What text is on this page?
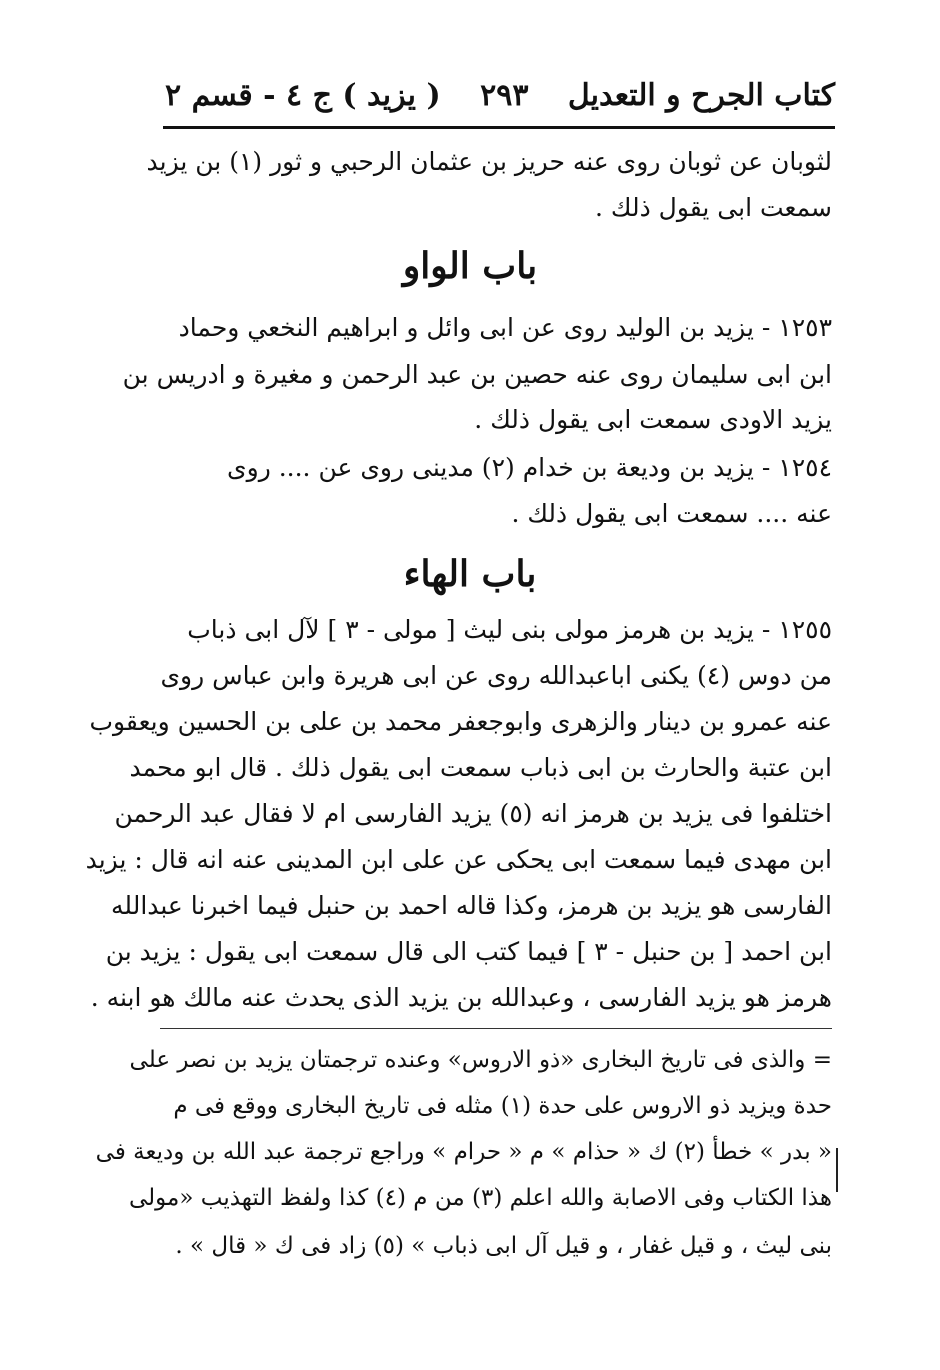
كتاب الجرح و التعديل
٢٩٣
( يزيد ) ج ٤ - قسم ٢
لثوبان عن ثوبان روى عنه حريز بن عثمان الرحبي و ثور (١) بن يزيد
سمعت ابى يقول ذلك .
باب الواو
١٢٥٣ - يزيد بن الوليد روى عن ابى وائل و ابراهيم النخعي وحماد
ابن ابى سليمان روى عنه حصين بن عبد الرحمن و مغيرة و ادريس بن
يزيد الاودى سمعت ابى يقول ذلك .
١٢٥٤ - يزيد بن وديعة بن خدام (٢) مدينى روى عن .... روى
عنه .... سمعت ابى يقول ذلك .
باب الهاء
١٢٥٥ - يزيد بن هرمز مولى بنى ليث [ مولى - ٣ ] لآل ابى ذباب
من دوس (٤) يكنى اباعبدالله روى عن ابى هريرة وابن عباس روى
عنه عمرو بن دينار والزهرى وابوجعفر محمد بن على بن الحسين ويعقوب
ابن عتبة والحارث بن ابى ذباب سمعت ابى يقول ذلك . قال ابو محمد
اختلفوا فى يزيد بن هرمز انه (٥) يزيد الفارسى ام لا فقال عبد الرحمن
ابن مهدى فيما سمعت ابى يحكى عن على ابن المدينى عنه انه قال : يزيد
الفارسى هو يزيد بن هرمز، وكذا قاله احمد بن حنبل فيما اخبرنا عبدالله
ابن احمد [ بن حنبل - ٣ ] فيما كتب الى قال سمعت ابى يقول : يزيد بن
هرمز هو يزيد الفارسى ، وعبدالله بن يزيد الذى يحدث عنه مالك هو ابنه .
= والذى فى تاريخ البخارى «ذو الاروس» وعنده ترجمتان يزيد بن نصر على
حدة ويزيد ذو الاروس على حدة (١) مثله فى تاريخ البخارى ووقع فى م
« بدر » خطأ (٢) ك « حذام » م « حرام » وراجع ترجمة عبد الله بن وديعة فى
هذا الكتاب وفى الاصابة والله اعلم (٣) من م (٤) كذا ولفظ التهذيب «مولى
بنى ليث ، و قيل غفار ، و قيل آل ابى ذباب » (٥) زاد فى ك « قال » .
